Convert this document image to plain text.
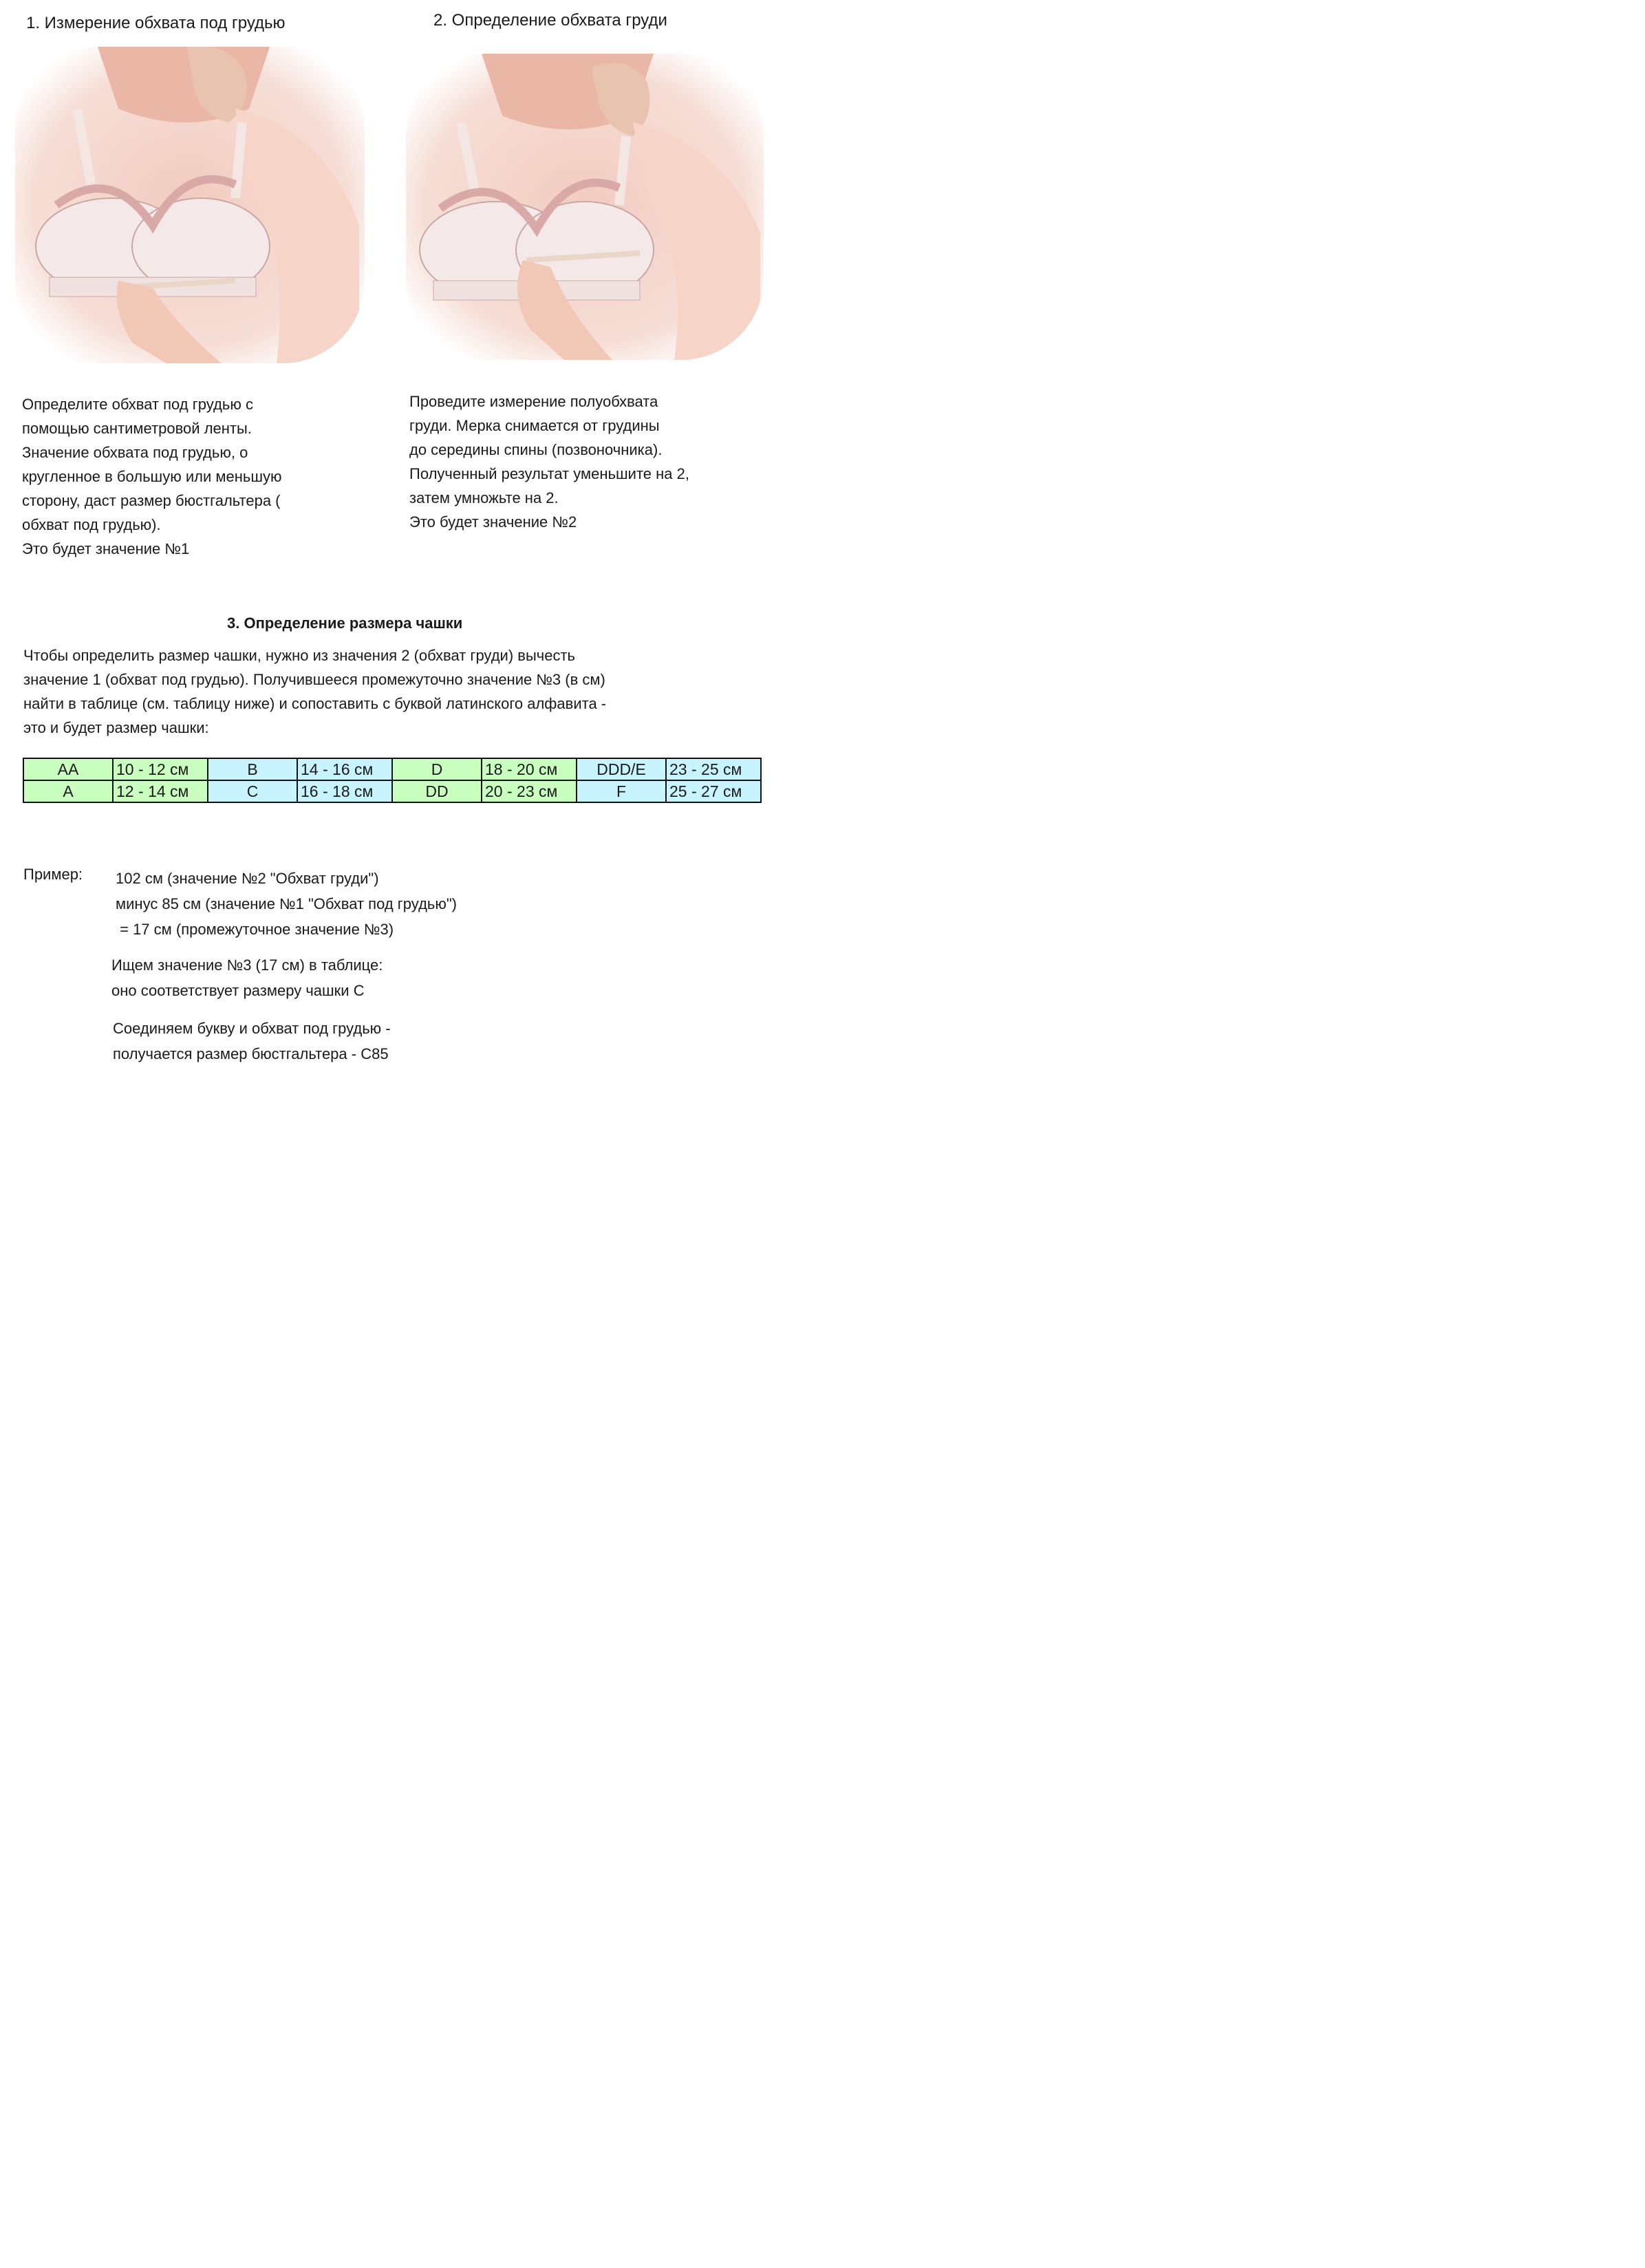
1. Измерение обхвата под грудью	2. Определение обхвата груди
Определите обхват под грудью с
помощью сантиметровой ленты.
Значение обхвата под грудью, о
кругленное в большую или меньшую
сторону, даст размер бюстгальтера (
обхват под грудью).
Это будет значение №1
Проведите измерение полуобхвата
груди. Мерка снимается от грудины
до середины спины (позвоночника).
Полученный результат уменьшите на 2,
затем умножьте на 2.
Это будет значение №2
3. Определение размера чашки
Чтобы определить размер чашки, нужно из значения 2 (обхват груди) вычесть
значение 1 (обхват под грудью). Получившееся промежуточно значение №3 (в см)
найти в таблице (см. таблицу ниже) и сопоставить с буквой латинского алфавита -
это и будет размер чашки:
AA	10 - 12 см	B	14 - 16 см	D	18 - 20 см	DDD/E	23 - 25 см
A	12 - 14 см	C	16 - 18 см	DD	20 - 23 см	F	25 - 27 см
Пример: 102 см (значение №2 "Обхват груди")
минус 85 см (значение №1 "Обхват под грудью")
= 17 см (промежуточное значение №3)
Ищем значение №3 (17 см) в таблице:
оно соответствует размеру чашки С
Соединяем букву и обхват под грудью -
получается размер бюстгальтера - С85
